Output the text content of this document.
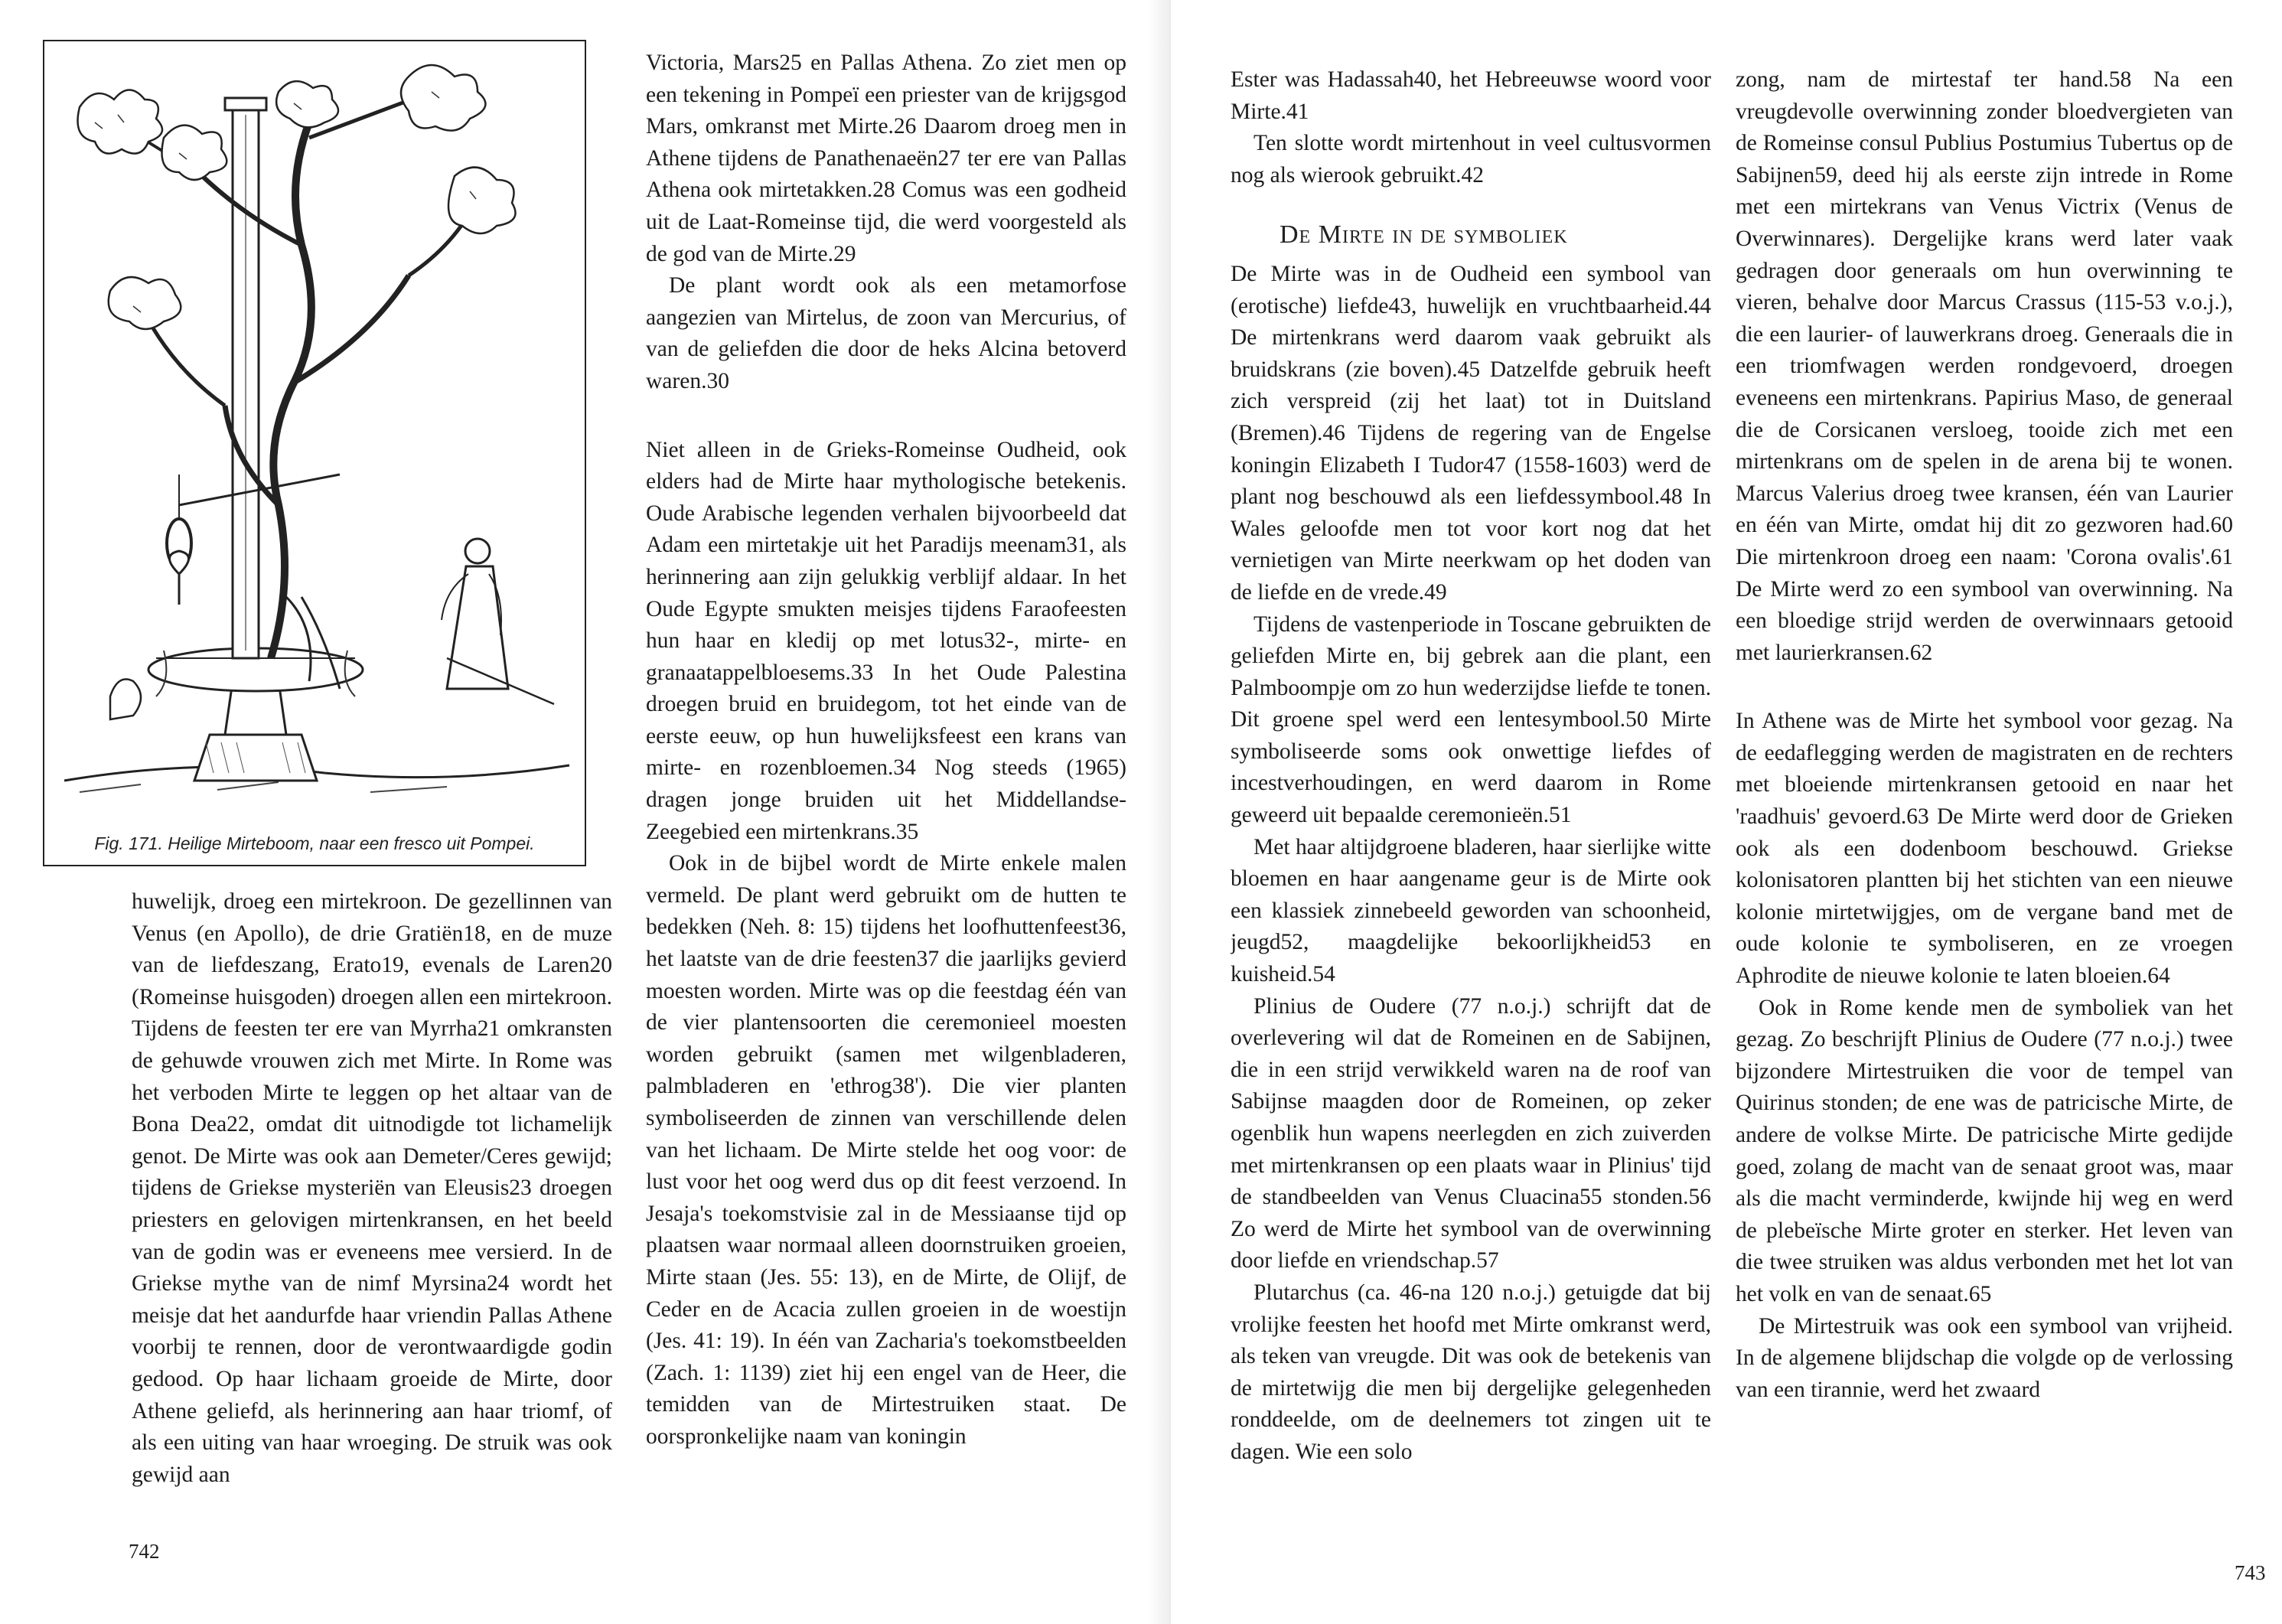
Fig. 171. Heilige Mirteboom, naar een fresco uit Pompei.

huwelijk, droeg een mirtekroon. De gezellinnen van Venus (en Apollo), de drie Gratiën18, en de muze van de liefdeszang, Erato19, evenals de Laren20 (Romeinse huisgoden) droegen allen een mirtekroon. Tijdens de feesten ter ere van Myrrha21 omkransten de gehuwde vrouwen zich met Mirte. In Rome was het verboden Mirte te leggen op het altaar van de Bona Dea22, omdat dit uitnodigde tot lichamelijk genot. De Mirte was ook aan Demeter/Ceres gewijd; tijdens de Griekse mysteriën van Eleusis23 droegen priesters en gelovigen mirtenkransen, en het beeld van de godin was er eveneens mee versierd. In de Griekse mythe van de nimf Myrsina24 wordt het meisje dat het aandurfde haar vriendin Pallas Athene voorbij te rennen, door de verontwaardigde godin gedood. Op haar lichaam groeide de Mirte, door Athene geliefd, als herinnering aan haar triomf, of als een uiting van haar wroeging. De struik was ook gewijd aan

Victoria, Mars25 en Pallas Athena. Zo ziet men op een tekening in Pompeï een priester van de krijgsgod Mars, omkranst met Mirte.26 Daarom droeg men in Athene tijdens de Panathenaeën27 ter ere van Pallas Athena ook mirtetakken.28 Comus was een godheid uit de Laat-Romeinse tijd, die werd voorgesteld als de god van de Mirte.29

De plant wordt ook als een metamorfose aangezien van Mirtelus, de zoon van Mercurius, of van de geliefden die door de heks Alcina betoverd waren.30

Niet alleen in de Grieks-Romeinse Oudheid, ook elders had de Mirte haar mythologische betekenis. Oude Arabische legenden verhalen bijvoorbeeld dat Adam een mirtetakje uit het Paradijs meenam31, als herinnering aan zijn gelukkig verblijf aldaar. In het Oude Egypte smukten meisjes tijdens Faraofeesten hun haar en kledij op met lotus32-, mirte- en granaatappelbloesems.33 In het Oude Palestina droegen bruid en bruidegom, tot het einde van de eerste eeuw, op hun huwelijksfeest een krans van mirte- en rozenbloemen.34 Nog steeds (1965) dragen jonge bruiden uit het Middellandse-Zeegebied een mirtenkrans.35

Ook in de bijbel wordt de Mirte enkele malen vermeld. De plant werd gebruikt om de hutten te bedekken (Neh. 8: 15) tijdens het loofhuttenfeest36, het laatste van de drie feesten37 die jaarlijks gevierd moesten worden. Mirte was op die feestdag één van de vier plantensoorten die ceremonieel moesten worden gebruikt (samen met wilgenbladeren, palmbladeren en 'ethrog38'). Die vier planten symboliseerden de zinnen van verschillende delen van het lichaam. De Mirte stelde het oog voor: de lust voor het oog werd dus op dit feest verzoend. In Jesaja's toekomstvisie zal in de Messiaanse tijd op plaatsen waar normaal alleen doornstruiken groeien, Mirte staan (Jes. 55: 13), en de Mirte, de Olijf, de Ceder en de Acacia zullen groeien in de woestijn (Jes. 41: 19). In één van Zacharia's toekomstbeelden (Zach. 1: 1139) ziet hij een engel van de Heer, die temidden van de Mirtestruiken staat. De oorspronkelijke naam van koningin

742

Ester was Hadassah40, het Hebreeuwse woord voor Mirte.41

Ten slotte wordt mirtenhout in veel cultusvormen nog als wierook gebruikt.42

De Mirte in de symboliek

De Mirte was in de Oudheid een symbool van (erotische) liefde43, huwelijk en vruchtbaarheid.44 De mirtenkrans werd daarom vaak gebruikt als bruidskrans (zie boven).45 Datzelfde gebruik heeft zich verspreid (zij het laat) tot in Duitsland (Bremen).46 Tijdens de regering van de Engelse koningin Elizabeth I Tudor47 (1558-1603) werd de plant nog beschouwd als een liefdessymbool.48 In Wales geloofde men tot voor kort nog dat het vernietigen van Mirte neerkwam op het doden van de liefde en de vrede.49

Tijdens de vastenperiode in Toscane gebruikten de geliefden Mirte en, bij gebrek aan die plant, een Palmboompje om zo hun wederzijdse liefde te tonen. Dit groene spel werd een lentesymbool.50 Mirte symboliseerde soms ook onwettige liefdes of incestverhoudingen, en werd daarom in Rome geweerd uit bepaalde ceremonieën.51

Met haar altijdgroene bladeren, haar sierlijke witte bloemen en haar aangename geur is de Mirte ook een klassiek zinnebeeld geworden van schoonheid, jeugd52, maagdelijke bekoorlijkheid53 en kuisheid.54

Plinius de Oudere (77 n.o.j.) schrijft dat de overlevering wil dat de Romeinen en de Sabijnen, die in een strijd verwikkeld waren na de roof van Sabijnse maagden door de Romeinen, op zeker ogenblik hun wapens neerlegden en zich zuiverden met mirtenkransen op een plaats waar in Plinius' tijd de standbeelden van Venus Cluacina55 stonden.56 Zo werd de Mirte het symbool van de overwinning door liefde en vriendschap.57

Plutarchus (ca. 46-na 120 n.o.j.) getuigde dat bij vrolijke feesten het hoofd met Mirte omkranst werd, als teken van vreugde. Dit was ook de betekenis van de mirtetwijg die men bij dergelijke gelegenheden ronddeelde, om de deelnemers tot zingen uit te dagen. Wie een solo

zong, nam de mirtestaf ter hand.58 Na een vreugdevolle overwinning zonder bloedvergieten van de Romeinse consul Publius Postumius Tubertus op de Sabijnen59, deed hij als eerste zijn intrede in Rome met een mirtekrans van Venus Victrix (Venus de Overwinnares). Dergelijke krans werd later vaak gedragen door generaals om hun overwinning te vieren, behalve door Marcus Crassus (115-53 v.o.j.), die een laurier- of lauwerkrans droeg. Generaals die in een triomfwagen werden rondgevoerd, droegen eveneens een mirtenkrans. Papirius Maso, de generaal die de Corsicanen versloeg, tooide zich met een mirtenkrans om de spelen in de arena bij te wonen. Marcus Valerius droeg twee kransen, één van Laurier en één van Mirte, omdat hij dit zo gezworen had.60 Die mirtenkroon droeg een naam: 'Corona ovalis'.61 De Mirte werd zo een symbool van overwinning. Na een bloedige strijd werden de overwinnaars getooid met laurierkransen.62

In Athene was de Mirte het symbool voor gezag. Na de eedaflegging werden de magistraten en de rechters met bloeiende mirtenkransen getooid en naar het 'raadhuis' gevoerd.63 De Mirte werd door de Grieken ook als een dodenboom beschouwd. Griekse kolonisatoren plantten bij het stichten van een nieuwe kolonie mirtetwijgjes, om de vergane band met de oude kolonie te symboliseren, en ze vroegen Aphrodite de nieuwe kolonie te laten bloeien.64

Ook in Rome kende men de symboliek van het gezag. Zo beschrijft Plinius de Oudere (77 n.o.j.) twee bijzondere Mirtestruiken die voor de tempel van Quirinus stonden; de ene was de patricische Mirte, de andere de volkse Mirte. De patricische Mirte gedijde goed, zolang de macht van de senaat groot was, maar als die macht verminderde, kwijnde hij weg en werd de plebeïsche Mirte groter en sterker. Het leven van die twee struiken was aldus verbonden met het lot van het volk en van de senaat.65

De Mirtestruik was ook een symbool van vrijheid. In de algemene blijdschap die volgde op de verlossing van een tirannie, werd het zwaard

743
